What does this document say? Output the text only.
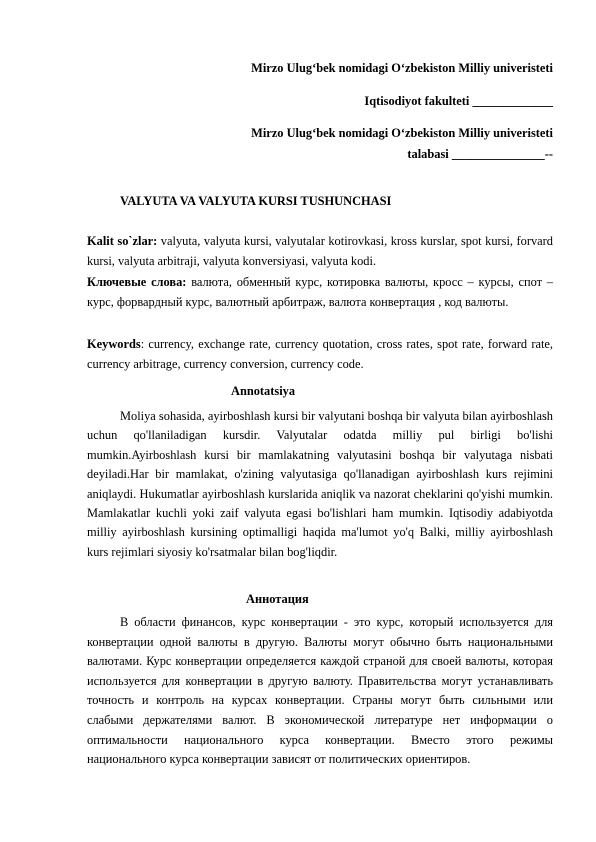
Mirzo Ulug‘bek nomidagi O‘zbekiston Milliy univeristeti
Iqtisodiyot fakulteti _____________
Mirzo Ulug‘bek nomidagi O‘zbekiston Milliy univeristeti
talabasi _______________--
VALYUTA VA VALYUTA KURSI TUSHUNCHASI
Kalit so`zlar: valyuta, valyuta kursi, valyutalar kotirovkasi, kross kurslar, spot kursi, forvard kursi, valyuta arbitraji, valyuta konversiyasi, valyuta kodi.
Ключевые слова: валюта, обменный курс, котировка валюты, кросс – курсы, спот – курс, форвардный курс, валютный арбитраж, валюта конвертация , код валюты.
Keywords: currency, exchange rate, currency quotation, cross rates, spot rate, forward rate, currency arbitrage, currency conversion, currency code.
Annotatsiya

Moliya sohasida, ayirboshlash kursi bir valyutani boshqa bir valyuta bilan ayirboshlash uchun qo'llaniladigan kursdir. Valyutalar odatda milliy pul birligi bo'lishi mumkin.Ayirboshlash kursi bir mamlakatning valyutasini boshqa bir valyutaga nisbati deyiladi.Har bir mamlakat, o'zining valyutasiga qo'llanadigan ayirboshlash kurs rejimini aniqlaydi. Hukumatlar ayirboshlash kurslarida aniqlik va nazorat cheklarini qo'yishi mumkin. Mamlakatlar kuchli yoki zaif valyuta egasi bo'lishlari ham mumkin. Iqtisodiy adabiyotda milliy ayirboshlash kursining optimalligi haqida ma'lumot yo'q Balki, milliy ayirboshlash kurs rejimlari siyosiy ko'rsatmalar bilan bog'liqdir.

Аннотация

В области финансов, курс конвертации - это курс, который используется для конвертации одной валюты в другую. Валюты могут обычно быть национальными валютами. Курс конвертации определяется каждой страной для своей валюты, которая используется для конвертации в другую валюту. Правительства могут устанавливать точность и контроль на курсах конвертации. Страны могут быть сильными или слабыми держателями валют. В экономической литературе нет информации о оптимальности национального курса конвертации. Вместо этого режимы национального курса конвертации зависят от политических ориентиров.
